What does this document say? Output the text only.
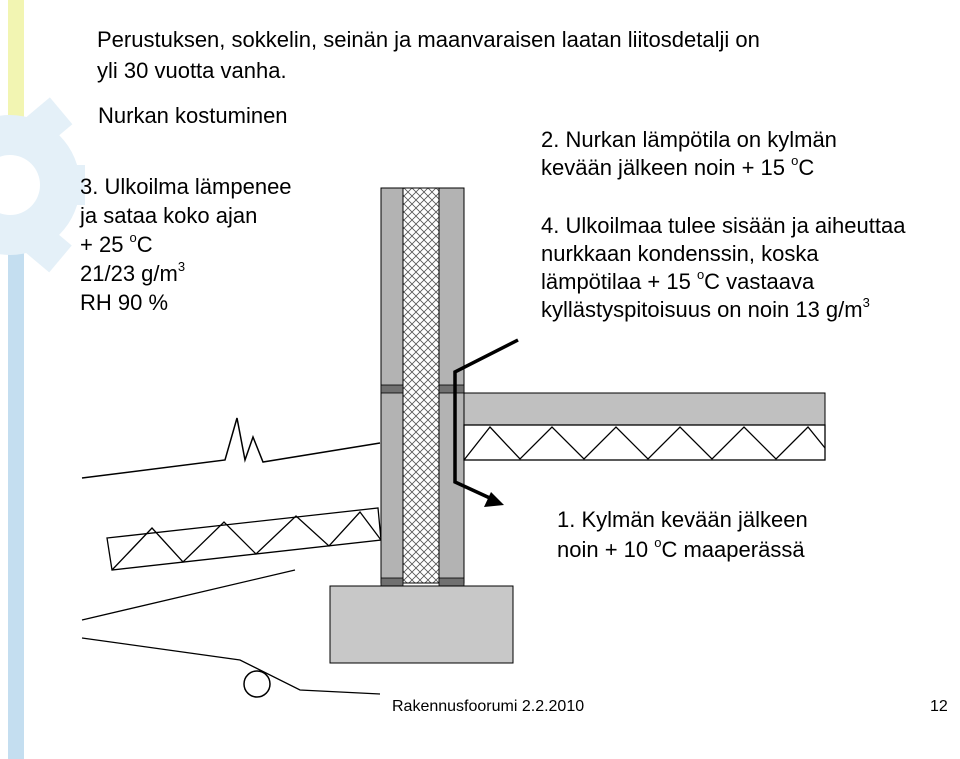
Perustuksen, sokkelin, seinän ja maanvaraisen laatan liitosdetalji on
yli 30 vuotta vanha.
Nurkan kostuminen
3. Ulkoilma lämpenee
ja sataa koko ajan
+ 25 $^o$C
21/23 $g/m^3$
RH 90 %
2. Nurkan lämpötila on kylmän
kevään jälkeen noin + 15 $^o$C
4. Ulkoilmaa tulee sisään ja aiheuttaa
nurkkaan kondenssin, koska
lämpötilaa + 15 $^o$C vastaava
kyllästyspitoisuus on noin 13 $g/m^3$
1. Kylmän kevään jälkeen
noin + 10 $^o$C maaperässä
Rakennusfoorumi 2.2.2010	12
